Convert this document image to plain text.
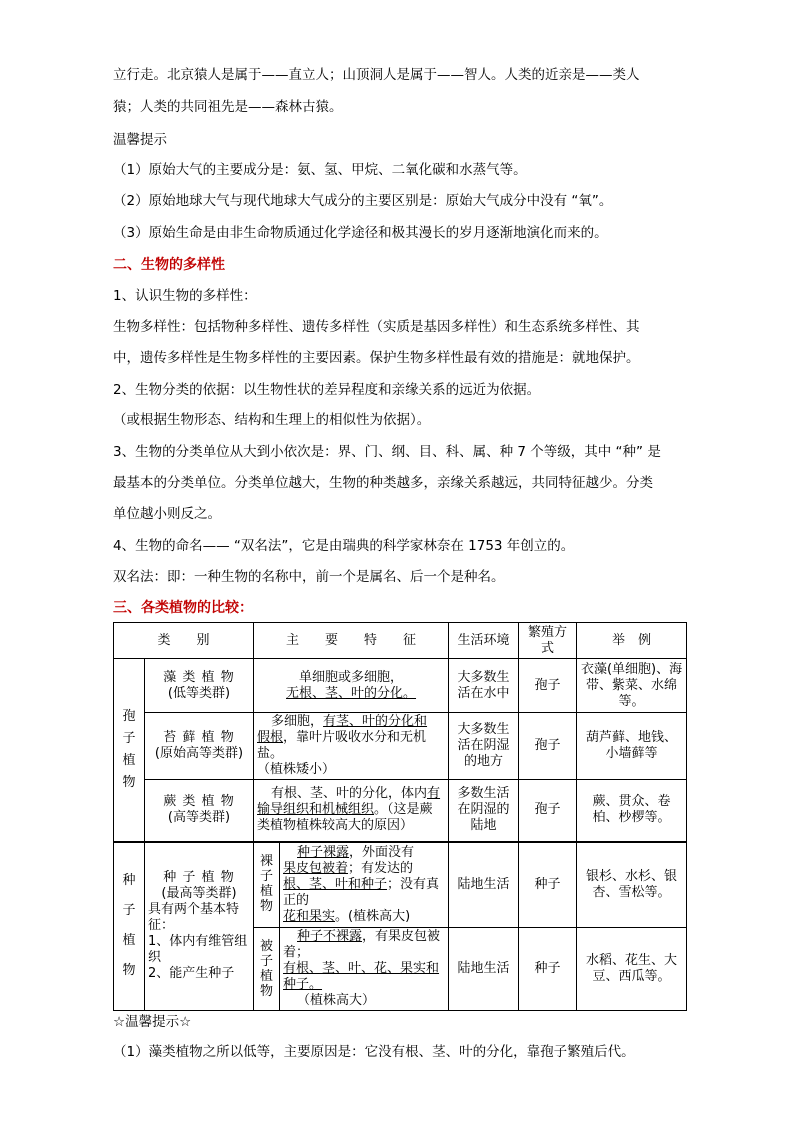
立行走。北京猿人是属于——直立人；山顶洞人是属于——智人。人类的近亲是——类人
猿；人类的共同祖先是——森林古猿。
温馨提示
（1）原始大气的主要成分是：氨、氢、甲烷、二氧化碳和水蒸气等。
（2）原始地球大气与现代地球大气成分的主要区别是：原始大气成分中没有 “氧”。
（3）原始生命是由非生命物质通过化学途径和极其漫长的岁月逐渐地演化而来的。
二、生物的多样性
1、认识生物的多样性：
生物多样性：包括物种多样性、遗传多样性（实质是基因多样性）和生态系统多样性、其
中，遗传多样性是生物多样性的主要因素。保护生物多样性最有效的措施是：就地保护。
2、生物分类的依据：以生物性状的差异程度和亲缘关系的远近为依据。
（或根据生物形态、结构和生理上的相似性为依据）。
3、生物的分类单位从大到小依次是：界、门、纲、目、科、属、种 7 个等级，其中 “种” 是
最基本的分类单位。分类单位越大，生物的种类越多，亲缘关系越远，共同特征越少。分类
单位越小则反之。
4、生物的命名—— “双名法”，它是由瑞典的科学家林奈在 1753 年创立的。
双名法：即：一种生物的名称中，前一个是属名、后一个是种名。
三、各类植物的比较：
类　　别		主　　要　　特　　征		生活环境	繁殖方式	举　例
孢子植物	藻 类 植 物
(低等类群)	单细胞或多细胞，
无根、茎、叶的分化。		大多数生活在水中	孢子	衣藻(单细胞)、海带、紫菜、水绵等。

	苔 藓 植 物
(原始高等类群)	多细胞，有茎、叶的分化和
假根，靠叶片吸收水分和无机盐。
（植株矮小）		大多数生活在阴湿的地方	孢子	葫芦藓、地钱、小墙藓等

	蕨 类 植 物
(高等类群)	有根、茎、叶的分化，体内有输导组织和机械组织。（这是蕨类植物植株较高大的原因）		多数生活在阴湿的陆地	孢子	蕨、贯众、卷柏、杪椤等。
种子植物	种 子 植 物
(最高等类群)
具有两个基本特征：
1、体内有维管组织
2、能产生种子	裸子植物	种子裸露，外面没有
果皮包被着；有发达的
根、茎、叶和种子；没有真正的
花和果实。(植株高大)	陆地生活	种子	银杉、水杉、银杏、雪松等。
		被子植物	种子不裸露，有果皮包被着；
有根、茎、叶、花、果实和种子。
（植株高大）	陆地生活	种子	水稻、花生、大豆、西瓜等。
☆温馨提示☆
（1）藻类植物之所以低等，主要原因是：它没有根、茎、叶的分化，靠孢子繁殖后代。
